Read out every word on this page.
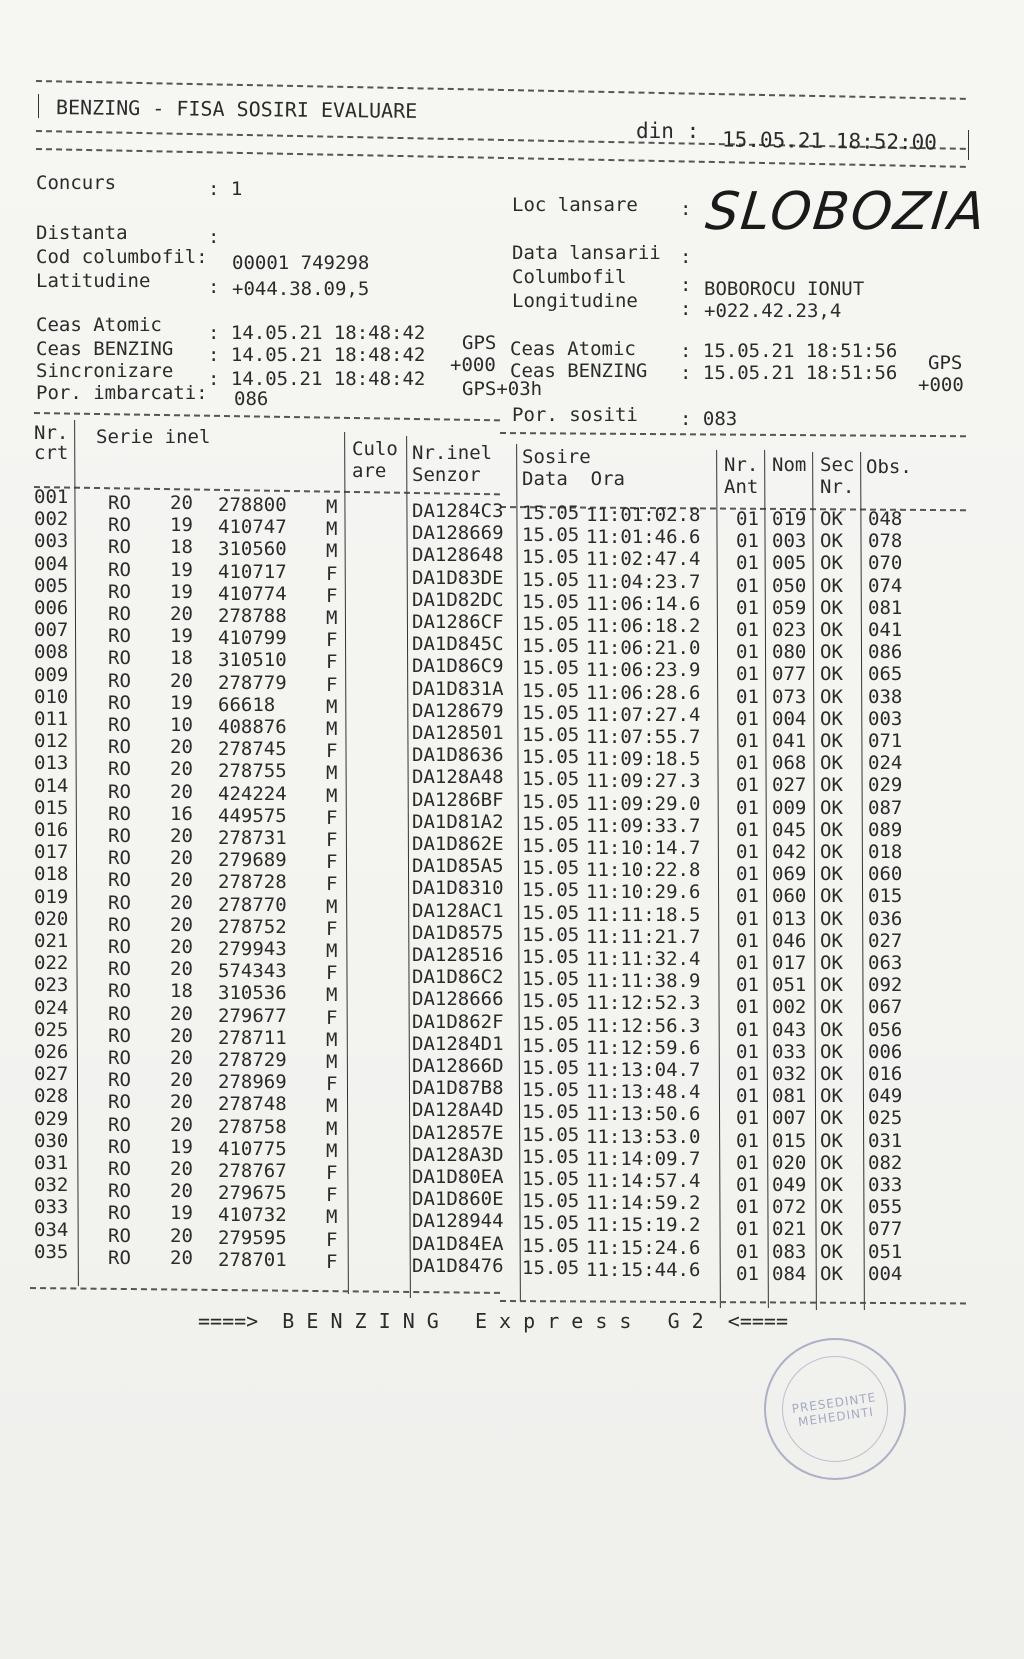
BENZING - FISA SOSIRI EVALUARE
din : 15.05.21 18:52:00
Concurs	: 1
Distanta	:
Cod columbofil: 00001 749298
Latitudine	: +044.38.09,5
Loc lansare : SLOBOZIA
Data lansarii :
Columbofil	: BOBOROCU IONUT
Longitudine : +022.42.23,4
Ceas Atomic : 14.05.21 18:48:42 GPS
Ceas BENZING : 14.05.21 18:48:42 +000
Sincronizare : 14.05.21 18:48:42 GPS+03h
Por. imbarcati: 086
Ceas Atomic : 15.05.21 18:51:56
GPS
Ceas BENZING : 15.05.21 18:51:56
+000
Por. sositi : 083
Nr.
crt
Serie inel
Culo
are
Nr.inel
Senzor
Sosire
Data  Ora
Nr.
Ant
Nom Sec
Nr.
Obs.
001 RO 20 278800 M	DA1284C3 15.05 11:01:02.8 01 019 OK 048
002 RO 19 410747 M	DA128669 15.05 11:01:46.6 01 003 OK 078
003 RO 18 310560 M	DA128648 15.05 11:02:47.4 01 005 OK 070
004 RO 19 410717 F	DA1D83DE 15.05 11:04:23.7 01 050 OK 074
005 RO 19 410774 F	DA1D82DC 15.05 11:06:14.6 01 059 OK 081
006 RO 20 278788 M	DA1286CF 15.05 11:06:18.2 01 023 OK 041
007 RO 19 410799 F	DA1D845C 15.05 11:06:21.0 01 080 OK 086
008 RO 18 310510 F	DA1D86C9 15.05 11:06:23.9 01 077 OK 065
009 RO 20 278779 F	DA1D831A 15.05 11:06:28.6 01 073 OK 038
010 RO 19 66618	M	DA128679 15.05 11:07:27.4 01 004 OK 003
011 RO 10 408876 M	DA128501 15.05 11:07:55.7 01 041 OK 071
012 RO 20 278745 F	DA1D8636 15.05 11:09:18.5 01 068 OK 024
013 RO 20 278755 M	DA128A48 15.05 11:09:27.3 01 027 OK 029
014 RO 20 424224 M	DA1286BF 15.05 11:09:29.0 01 009 OK 087
015 RO 16 449575 F	DA1D81A2 15.05 11:09:33.7 01 045 OK 089
016 RO 20 278731 F	DA1D862E 15.05 11:10:14.7 01 042 OK 018
017 RO 20 279689 F	DA1D85A5 15.05 11:10:22.8 01 069 OK 060
018 RO 20 278728 F	DA1D8310 15.05 11:10:29.6 01 060 OK 015
019 RO 20 278770 M	DA128AC1 15.05 11:11:18.5 01 013 OK 036
020 RO 20 278752 F	DA1D8575 15.05 11:11:21.7 01 046 OK 027
021 RO 20 279943 M	DA128516 15.05 11:11:32.4 01 017 OK 063
022 RO 20 574343 F	DA1D86C2 15.05 11:11:38.9 01 051 OK 092
023 RO 18 310536 M	DA128666 15.05 11:12:52.3 01 002 OK 067
024 RO 20 279677 F	DA1D862F 15.05 11:12:56.3 01 043 OK 056
025 RO 20 278711 M	DA1284D1 15.05 11:12:59.6 01 033 OK 006
026 RO 20 278729 M	DA12866D 15.05 11:13:04.7 01 032 OK 016
027 RO 20 278969 F	DA1D87B8 15.05 11:13:48.4 01 081 OK 049
028 RO 20 278748 M	DA128A4D 15.05 11:13:50.6 01 007 OK 025
029 RO 20 278758 M	DA12857E 15.05 11:13:53.0 01 015 OK 031
030 RO 19 410775 M	DA128A3D 15.05 11:14:09.7 01 020 OK 082
031 RO 20 278767 F	DA1D80EA 15.05 11:14:57.4 01 049 OK 033
032 RO 20 279675 F	DA1D860E 15.05 11:14:59.2 01 072 OK 055
033 RO 19 410732 M	DA128944 15.05 11:15:19.2 01 021 OK 077
034 RO 20 279595 F	DA1D84EA 15.05 11:15:24.6 01 083 OK 051
035 RO 20 278701 F	DA1D8476 15.05 11:15:44.6 01 084 OK 004
====>  B E N Z I N G   E x p r e s s   G 2  <====
PRESEDINTE MEHEDINTI
